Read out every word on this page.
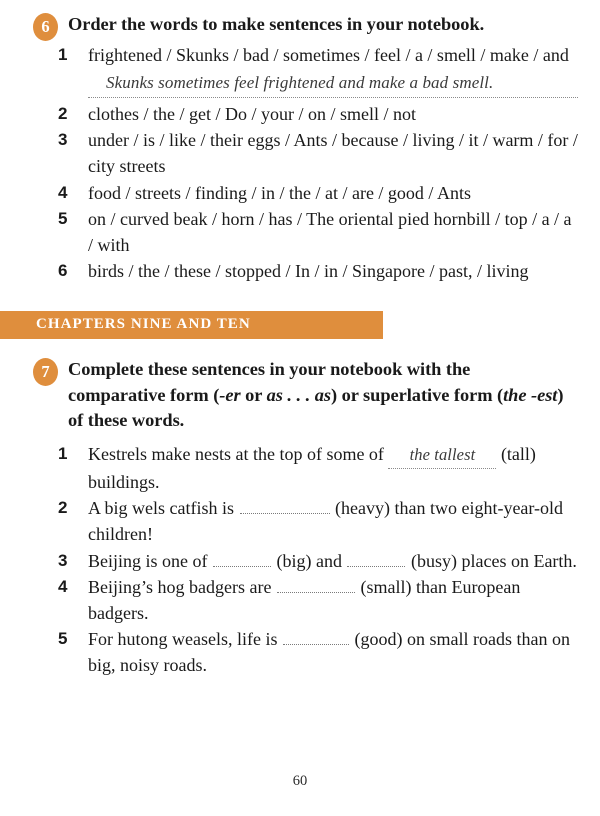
6 Order the words to make sentences in your notebook.
1 frightened / Skunks / bad / sometimes / feel / a / smell / make / and
Skunks sometimes feel frightened and make a bad smell.
2 clothes / the / get / Do / your / on / smell / not
3 under / is / like / their eggs / Ants / because / living / it / warm / for / city streets
4 food / streets / finding / in / the / at / are / good / Ants
5 on / curved beak / horn / has / The oriental pied hornbill / top / a / a / with
6 birds / the / these / stopped / In / in / Singapore / past, / living
CHAPTERS NINE AND TEN
7 Complete these sentences in your notebook with the comparative form (-er or as . . . as) or superlative form (the -est) of these words.
1 Kestrels make nests at the top of some of the tallest (tall) buildings.
2 A big wels catfish is	(heavy) than two eight-year-old children!
3 Beijing is one of	(big) and	(busy) places on Earth.
4 Beijing’s hog badgers are	(small) than European badgers.
5 For hutong weasels, life is	(good) on small roads than on big, noisy roads.
60
